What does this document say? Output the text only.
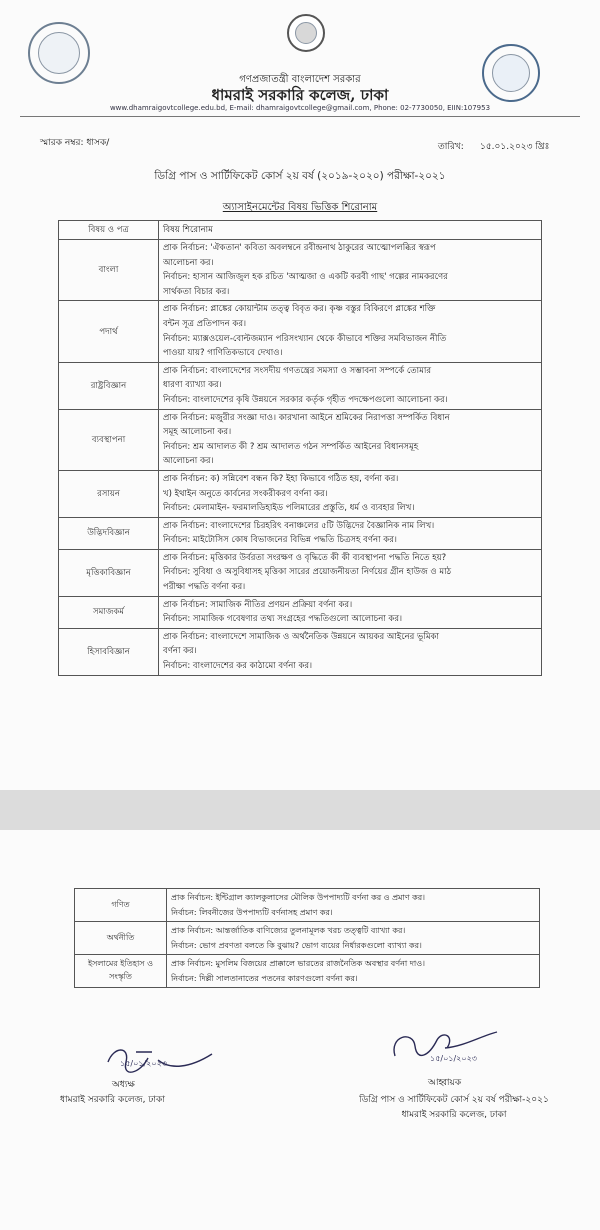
গণপ্রজাতন্ত্রী বাংলাদেশ সরকার
ধামরাই সরকারি কলেজ, ঢাকা
www.dhamraigovtcollege.edu.bd, E-mail: dhamraigovtcollege@gmail.com, Phone: 02-7730050, EIIN:107953
স্মারক নম্বর: ধাসক/	তারিখ: ১৫.০১.২০২৩ খ্রিঃ
ডিগ্রি পাস ও সার্টিফিকেট কোর্স ২য় বর্ষ (২০১৯-২০২০) পরীক্ষা-২০২১
অ্যাসাইনমেন্টের বিষয় ভিত্তিক শিরোনাম
বিষয় ও পত্র	বিষয় শিরোনাম
বাংলা	প্রাক নির্বাচন: 'ঐকতান' কবিতা অবলম্বনে রবীন্দ্রনাথ ঠাকুরের আত্মোপলব্ধির স্বরূপ
আলোচনা কর।
নির্বাচন: হাসান আজিজুল হক রচিত 'আত্মজা ও একটি করবী গাছ' গল্পের নামকরণের
সার্থকতা বিচার কর।

পদার্থ	প্রাক নির্বাচন: প্লাঙ্কের কোয়ান্টাম তত্ত্ব বিবৃত কর। কৃষ্ণ বস্তুর বিকিরণে প্লাঙ্কের শক্তি
বন্টন সূত্র প্রতিপাদন কর।
নির্বাচন: ম্যাক্সওয়েল-বোল্টজম্যান পরিসংখ্যান থেকে কীভাবে শক্তির সমবিভাজন নীতি
পাওয়া যায়? গাণিতিকভাবে দেখাও।

রাষ্ট্রবিজ্ঞান	প্রাক নির্বাচন: বাংলাদেশের সংসদীয় গণতন্ত্রের সমস্যা ও সম্ভাবনা সম্পর্কে তোমার
ধারণা ব্যাখ্যা কর।
নির্বাচন: বাংলাদেশের কৃষি উন্নয়নে সরকার কর্তৃক গৃহীত পদক্ষেপগুলো আলোচনা কর।

ব্যবস্থাপনা	প্রাক নির্বাচন: মজুরীর সংজ্ঞা দাও। কারখানা আইনে শ্রমিকের নিরাপত্তা সম্পর্কিত বিধান
সমূহ আলোচনা কর।
নির্বাচন: শ্রম আদালত কী ? শ্রম আদালত গঠন সম্পর্কিত আইনের বিধানসমূহ
আলোচনা কর।

রসায়ন	প্রাক নির্বাচন: ক) সন্নিবেশ বন্ধন কি? ইহা কিভাবে গঠিত হয়, বর্ণনা কর।
খ) ইথাইন অনুতে কার্বনের সংকরীকরণ বর্ণনা কর।
নির্বাচন: মেলামাইন- ফরমালডিহাইড পলিমারের প্রস্তুতি, ধর্ম ও ব্যবহার লিখ।

উদ্ভিদবিজ্ঞান	প্রাক নির্বাচন: বাংলাদেশের চিরহরিৎ বনাঞ্চলের ৫টি উদ্ভিদের বৈজ্ঞানিক নাম লিখ।
নির্বাচন: মাইটোসিস কোষ বিভাজনের বিভিন্ন পদ্ধতি চিত্রসহ বর্ণনা কর।

মৃত্তিকাবিজ্ঞান	প্রাক নির্বাচন: মৃত্তিকার উর্বরতা সংরক্ষণ ও বৃদ্ধিতে কী কী ব্যবস্থাপনা পদ্ধতি নিতে হয়?
নির্বাচন: সুবিধা ও অসুবিধাসহ মৃত্তিকা সারের প্রয়োজনীয়তা নির্ণয়ের গ্রীন হাউজ ও মাঠ
পরীক্ষা পদ্ধতি বর্ণনা কর।

সমাজকর্ম	প্রাক নির্বাচন: সামাজিক নীতির প্রণয়ন প্রক্রিয়া বর্ণনা কর।
নির্বাচন: সামাজিক গবেষণার তথ্য সংগ্রহের পদ্ধতিগুলো আলোচনা কর।

হিসাববিজ্ঞান	প্রাক নির্বাচন: বাংলাদেশে সামাজিক ও অর্থনৈতিক উন্নয়নে আয়কর আইনের ভূমিকা
বর্ণনা কর।
নির্বাচন: বাংলাদেশের কর কাঠামো বর্ণনা কর।
গণিত	প্রাক নির্বাচন: ইন্টিগ্রাল ক্যালকুলাসের মৌলিক উপপাদ্যটি বর্ণনা কর ও প্রমাণ কর।
নির্বাচন: লিবনীজের উপপাদ্যটি বর্ণনাসহ প্রমাণ কর।

অর্থনীতি	প্রাক নির্বাচন: আন্তর্জাতিক বাণিজ্যের তুলনামূলক খরচ তত্ত্বটি ব্যাখ্যা কর।
নির্বাচন: ভোগ প্রবণতা বলতে কি বুঝায়? ভোগ ব্যয়ের নির্ধারকগুলো ব্যাখ্যা কর।

ইসলামের ইতিহাস ও সংস্কৃতি	প্রাক নির্বাচন: মুসলিম বিজয়ের প্রাক্কালে ভারতের রাজনৈতিক অবস্থার বর্ণনা দাও।
নির্বাচন: দিল্লী সালতানাতের পতনের কারণগুলো বর্ণনা কর।
১৫/০১/২০২৩
অধ্যক্ষ
ধামরাই সরকারি কলেজ, ঢাকা
১৫/০১/২০২৩
আহ্বায়ক
ডিগ্রি পাস ও সার্টিফিকেট কোর্স ২য় বর্ষ পরীক্ষা-২০২১
ধামরাই সরকারি কলেজ, ঢাকা
